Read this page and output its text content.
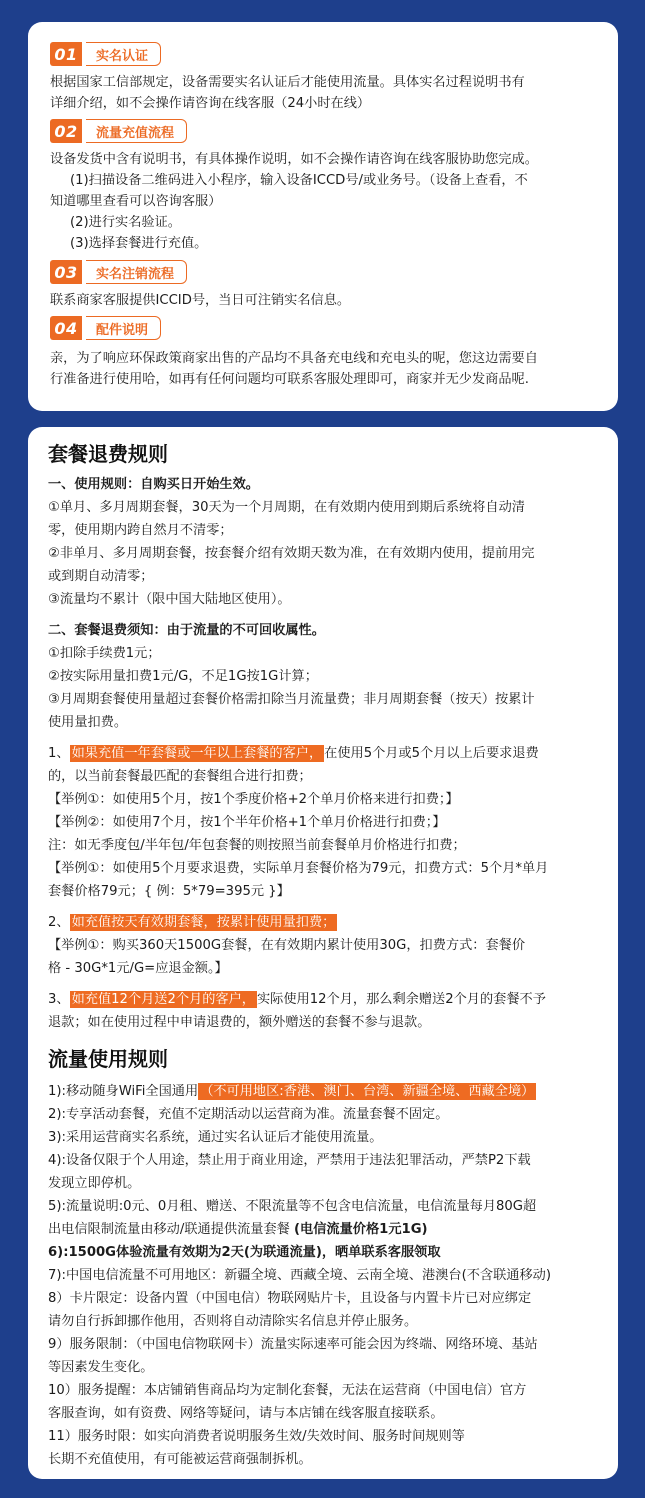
01	实名认证
根据国家工信部规定，设备需要实名认证后才能使用流量。具体实名过程说明书有
详细介绍，如不会操作请咨询在线客服（24小时在线）
02	流量充值流程
设备发货中含有说明书，有具体操作说明，如不会操作请咨询在线客服协助您完成。
(1)扫描设备二维码进入小程序，输入设备ICCD号/或业务号。（设备上查看，不
知道哪里查看可以咨询客服）
(2)进行实名验证。
(3)选择套餐进行充值。
03	实名注销流程
联系商家客服提供ICCID号，当日可注销实名信息。
04	配件说明
亲，为了响应环保政策商家出售的产品均不具备充电线和充电头的呢，您这边需要自
行准备进行使用哈，如再有任何问题均可联系客服处理即可，商家并无少发商品呢.
套餐退费规则
一、使用规则：自购买日开始生效。
①单月、多月周期套餐，30天为一个月周期，在有效期内使用到期后系统将自动清
零，使用期内跨自然月不清零；
②非单月、多月周期套餐，按套餐介绍有效期天数为准，在有效期内使用，提前用完
或到期自动清零；
③流量均不累计（限中国大陆地区使用）。
二、套餐退费须知：由于流量的不可回收属性。
①扣除手续费1元；
②按实际用量扣费1元/G，不足1G按1G计算；
③月周期套餐使用量超过套餐价格需扣除当月流量费；非月周期套餐（按天）按累计
使用量扣费。
1、 如果充值一年套餐或一年以上套餐的客户， 在使用5个月或5个月以上后要求退费
的，以当前套餐最匹配的套餐组合进行扣费；
【举例①：如使用5个月，按1个季度价格+2个单月价格来进行扣费；】
【举例②：如使用7个月，按1个半年价格+1个单月价格进行扣费；】
注：如无季度包/半年包/年包套餐的则按照当前套餐单月价格进行扣费；
【举例①：如使用5个月要求退费，实际单月套餐价格为79元，扣费方式：5个月*单月
套餐价格79元；{ 例：5*79=395元 }】
2、 如充值按天有效期套餐，按累计使用量扣费；
【举例①：购买360天1500G套餐，在有效期内累计使用30G，扣费方式：套餐价
格 - 30G*1元/G=应退金额。】
3、 如充值12个月送2个月的客户， 实际使用12个月，那么剩余赠送2个月的套餐不予
退款；如在使用过程中申请退费的，额外赠送的套餐不参与退款。
流量使用规则
1):移动随身WiFi全国通用 （不可用地区:香港、澳门、台湾、新疆全境、西藏全境）
2):专享活动套餐，充值不定期活动以运营商为准。流量套餐不固定。
3):采用运营商实名系统，通过实名认证后才能使用流量。
4):设备仅限于个人用途，禁止用于商业用途，严禁用于违法犯罪活动，严禁P2下载
发现立即停机。
5):流量说明:0元、0月租、赠送、不限流量等不包含电信流量，电信流量每月80G超
出电信限制流量由移动/联通提供流量套餐 (电信流量价格1元1G)
6):1500G体验流量有效期为2天(为联通流量)，晒单联系客服领取
7):中国电信流量不可用地区：新疆全境、西藏全境、云南全境、港澳台(不含联通移动)
8）卡片限定：设备内置（中国电信）物联网贴片卡，且设备与内置卡片已对应绑定
请勿自行拆卸挪作他用，否则将自动清除实名信息并停止服务。
9）服务限制：（中国电信物联网卡）流量实际速率可能会因为终端、网络环境、基站
等因素发生变化。
10）服务提醒：本店铺销售商品均为定制化套餐，无法在运营商（中国电信）官方
客服查询，如有资费、网络等疑问，请与本店铺在线客服直接联系。
11）服务时限：如实向消费者说明服务生效/失效时间、服务时间规则等
长期不充值使用，有可能被运营商强制拆机。
